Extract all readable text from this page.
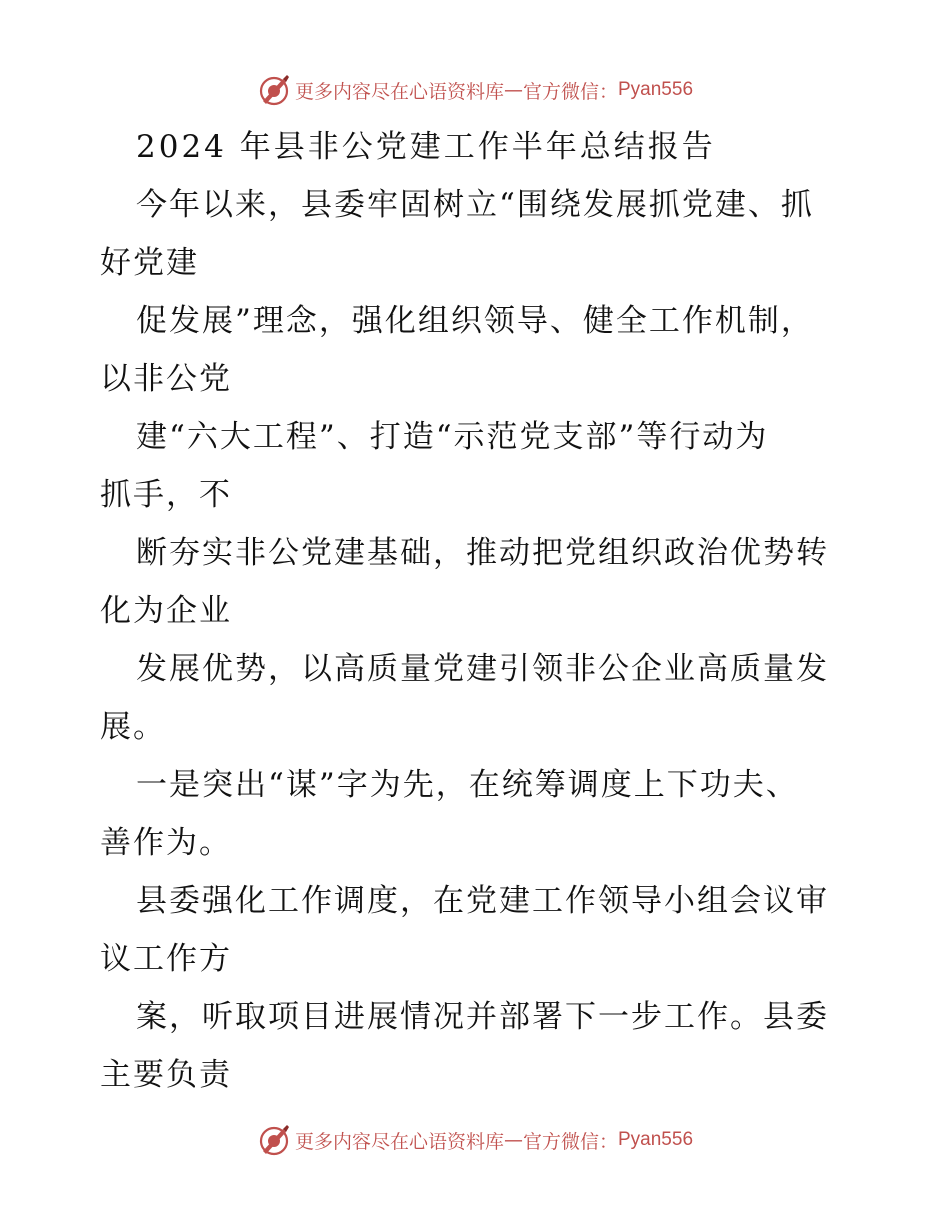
更多内容尽在心语资料库 — 官方微信： Pyan556
2024 年县非公党建工作半年总结报告
今年以来，县委牢固树立“围绕发展抓党建、抓
好党建
促发展”理念，强化组织领导、健全工作机制，
以非公党
建“六大工程”、打造“示范党支部”等行动为
抓手，不
断夯实非公党建基础，推动把党组织政治优势转
化为企业
发展优势，以高质量党建引领非公企业高质量发
展。
一是突出“谋”字为先，在统筹调度上下功夫、
善作为。
县委强化工作调度，在党建工作领导小组会议审
议工作方
案，听取项目进展情况并部署下一步工作。县委
主要负责
更多内容尽在心语资料库 — 官方微信： Pyan556
